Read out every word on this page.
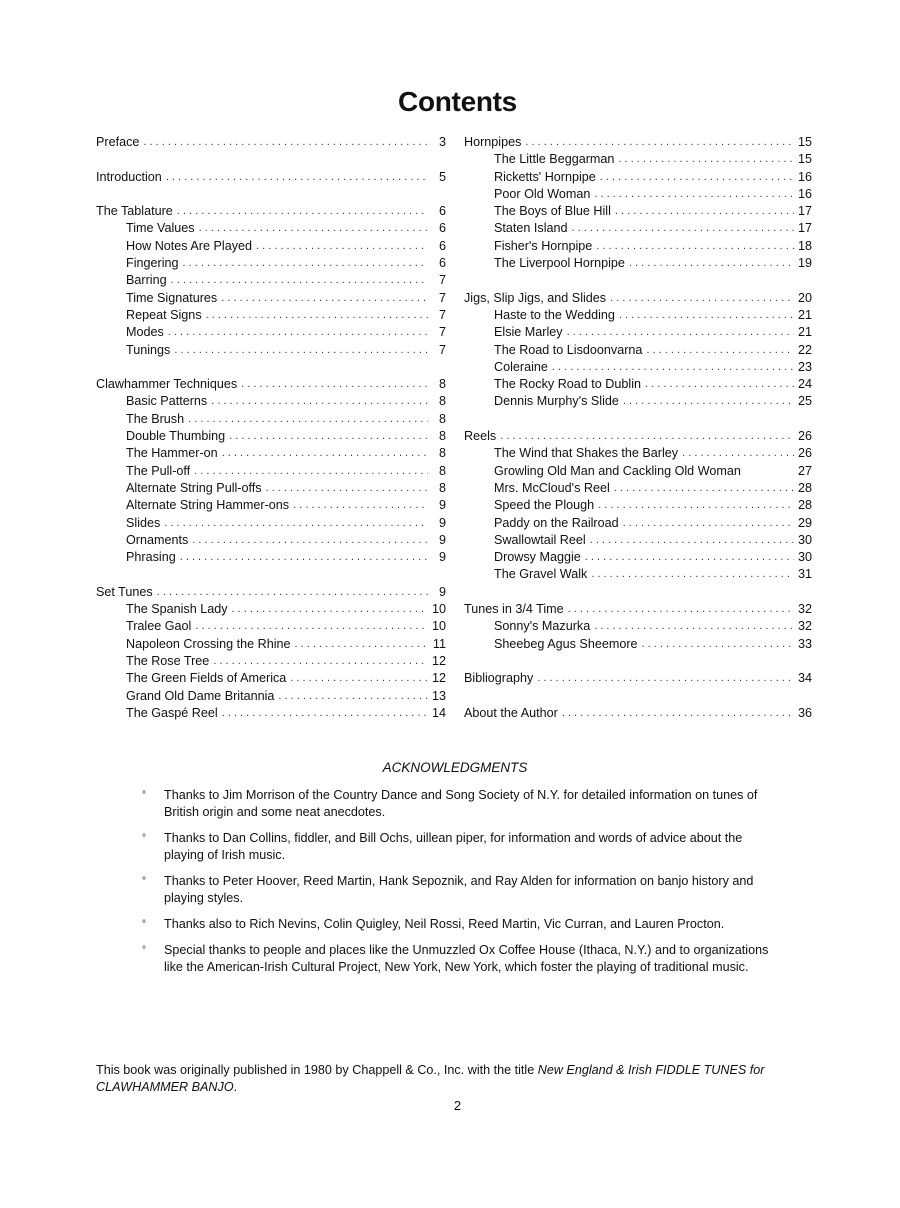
Contents
Preface . . .	3
Introduction . . .	5
The Tablature . . .	6
Time Values . . .	6
How Notes Are Played . . .	6
Fingering . . .	6
Barring . . .	7
Time Signatures . . .	7
Repeat Signs . . .	7
Modes . . .	7
Tunings . . .	7
Clawhammer Techniques . . .	8
Basic Patterns . . .	8
The Brush . . .	8
Double Thumbing . . .	8
The Hammer-on . . .	8
The Pull-off . . .	8
Alternate String Pull-offs . . .	8
Alternate String Hammer-ons . . .	9
Slides . . .	9
Ornaments . . .	9
Phrasing . . .	9
Set Tunes . . .	9
The Spanish Lady . . .	10
Tralee Gaol . . .	10
Napoleon Crossing the Rhine . . .	11
The Rose Tree . . .	12
The Green Fields of America . . .	12
Grand Old Dame Britannia . . .	13
The Gaspé Reel . . .	14
Hornpipes . . .	15
The Little Beggarman . . .	15
Ricketts' Hornpipe . . .	16
Poor Old Woman . . .	16
The Boys of Blue Hill . . .	17
Staten Island . . .	17
Fisher's Hornpipe . . .	18
The Liverpool Hornpipe . . .	19
Jigs, Slip Jigs, and Slides . . .	20
Haste to the Wedding . . .	21
Elsie Marley . . .	21
The Road to Lisdoonvarna . . .	22
Coleraine . . .	23
The Rocky Road to Dublin . . .	24
Dennis Murphy's Slide . . .	25
Reels . . .	26
The Wind that Shakes the Barley . . .	26
Growling Old Man and Cackling Old Woman	27
Mrs. McCloud's Reel . . .	28
Speed the Plough . . .	28
Paddy on the Railroad . . .	29
Swallowtail Reel . . .	30
Drowsy Maggie . . .	30
The Gravel Walk . . .	31
Tunes in 3/4 Time . . .	32
Sonny's Mazurka . . .	32
Sheebeg Agus Sheemore . . .	33
Bibliography . . .	34
About the Author . . .	36
ACKNOWLEDGMENTS
° Thanks to Jim Morrison of the Country Dance and Song Society of N.Y. for detailed information on tunes of British origin and some neat anecdotes.
° Thanks to Dan Collins, fiddler, and Bill Ochs, uillean piper, for information and words of advice about the playing of Irish music.
° Thanks to Peter Hoover, Reed Martin, Hank Sepoznik, and Ray Alden for information on banjo history and playing styles.
° Thanks also to Rich Nevins, Colin Quigley, Neil Rossi, Reed Martin, Vic Curran, and Lauren Procton.
° Special thanks to people and places like the Unmuzzled Ox Coffee House (Ithaca, N.Y.) and to organizations like the American-Irish Cultural Project, New York, New York, which foster the playing of traditional music.
This book was originally published in 1980 by Chappell & Co., Inc. with the title New England & Irish FIDDLE TUNES for CLAWHAMMER BANJO.
2
